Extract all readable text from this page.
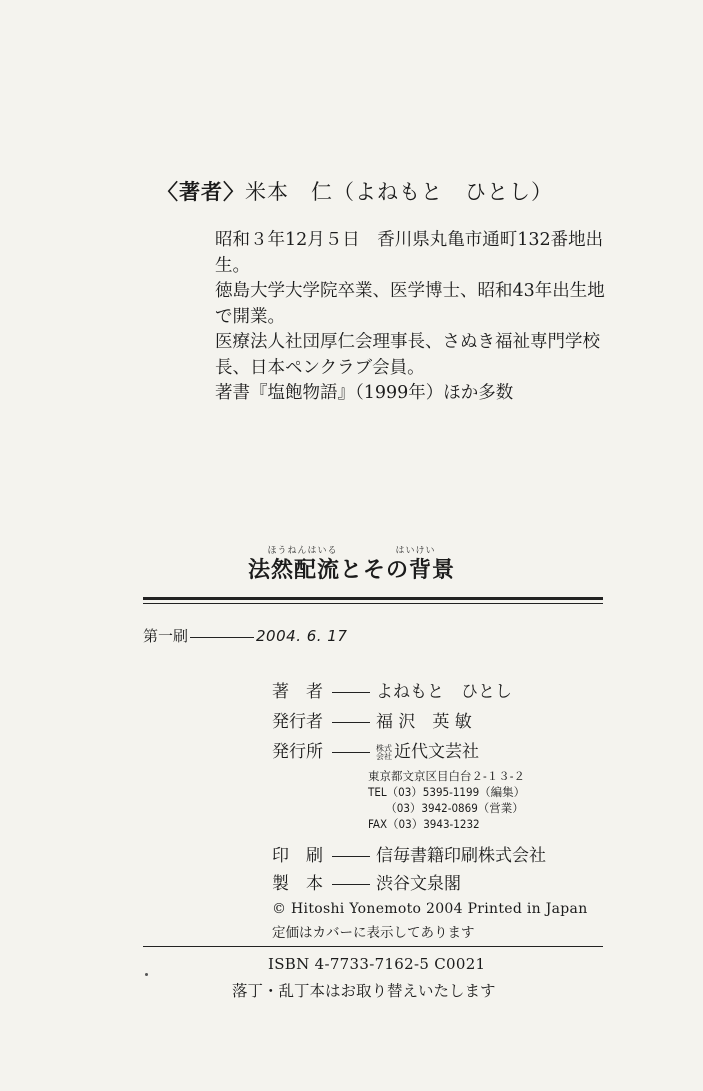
〈著者〉米本　仁（よねもと　ひとし）
昭和３年12月５日　香川県丸亀市通町132番地出
生。
徳島大学大学院卒業、医学博士、昭和43年出生地
で開業。
医療法人社団厚仁会理事長、さぬき福祉専門学校
長、日本ペンクラブ会員。
著書『塩飽物語』（1999年）ほか多数
ほうねんはいる	はいけい
法然配流とその背景
第一刷	2004. 6. 17
著　者	よねもと　ひとし
発行者	福 沢　英 敏
発行所	株式会社 近代文芸社
東京都文京区目白台２-１３-２
TEL（03）5395-1199（編集）
　　（03）3942-0869（営業）
FAX（03）3943-1232
印　刷	信毎書籍印刷株式会社
製　本	渋谷文泉閣
© Hitoshi Yonemoto 2004 Printed in Japan
定価はカバーに表示してあります
ISBN 4-7733-7162-5 C0021
落丁・乱丁本はお取り替えいたします
